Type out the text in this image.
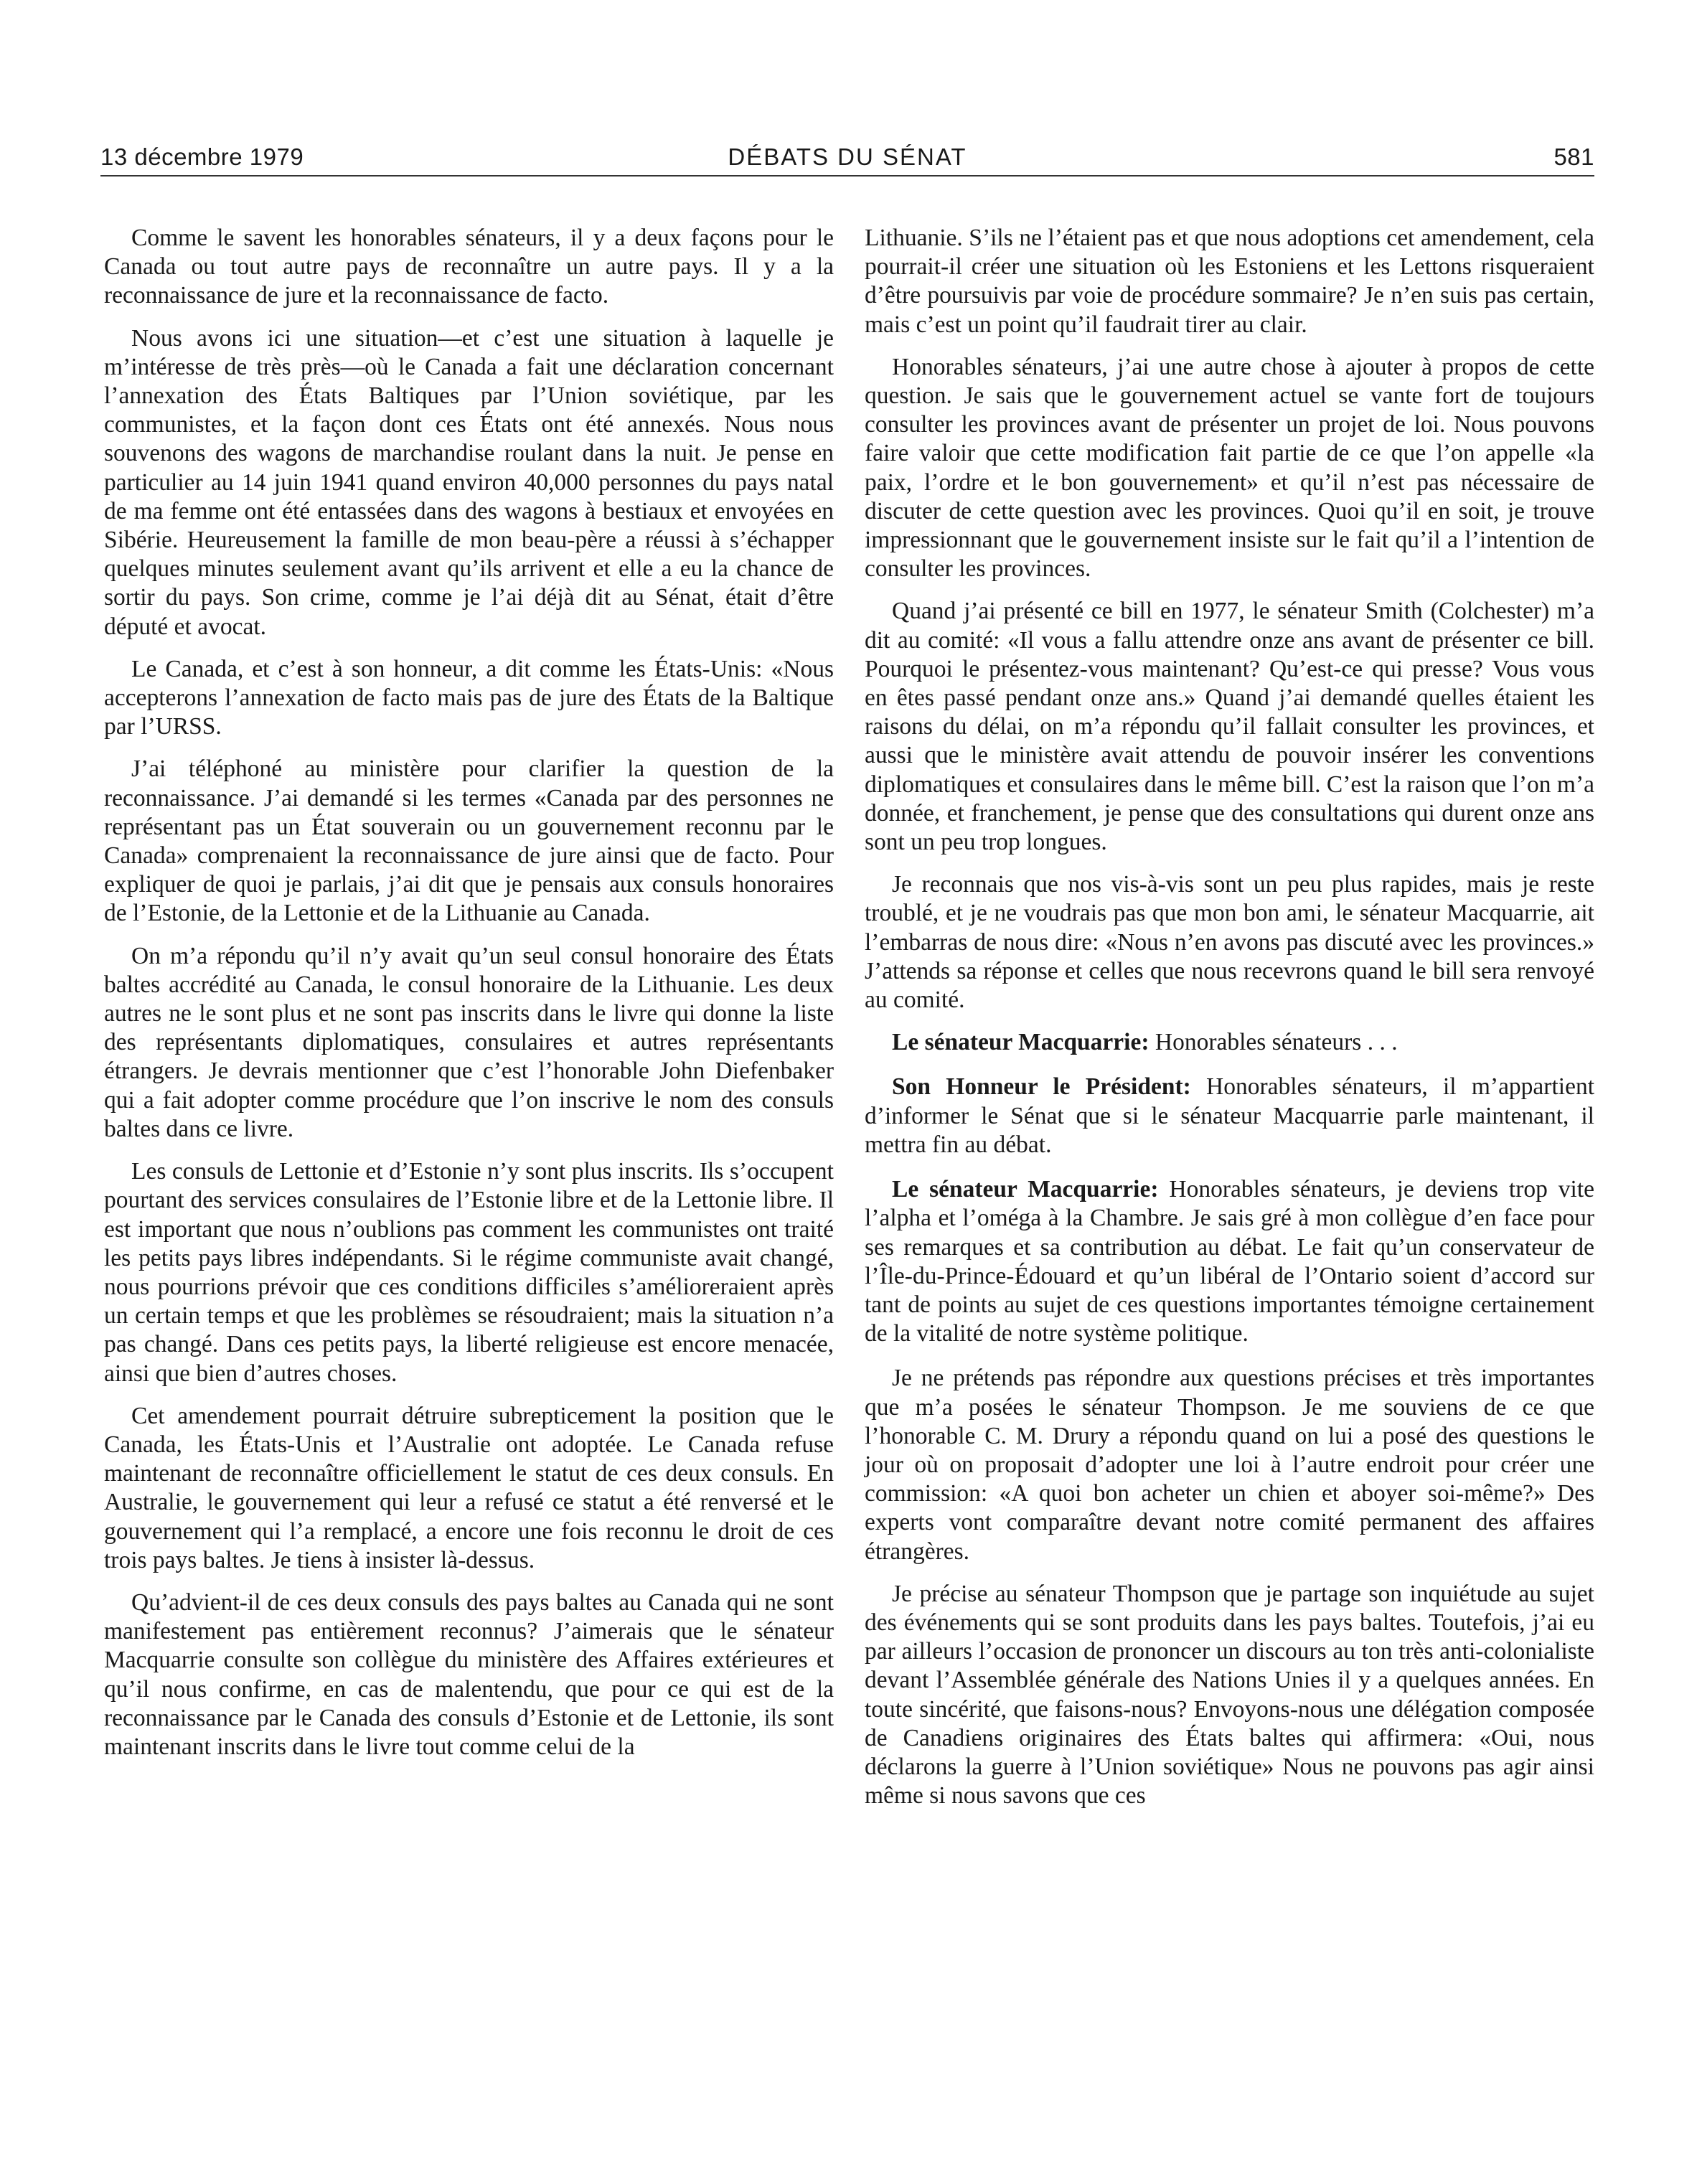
13 décembre 1979	DÉBATS DU SÉNAT	581

Comme le savent les honorables sénateurs, il y a deux façons pour le Canada ou tout autre pays de reconnaître un autre pays. Il y a la reconnaissance de jure et la reconnaissance de facto.

Nous avons ici une situation—et c’est une situation à laquelle je m’intéresse de très près—où le Canada a fait une déclaration concernant l’annexation des États Baltiques par l’Union soviétique, par les communistes, et la façon dont ces États ont été annexés. Nous nous souvenons des wagons de marchandise roulant dans la nuit. Je pense en particulier au 14 juin 1941 quand environ 40,000 personnes du pays natal de ma femme ont été entassées dans des wagons à bestiaux et envoyées en Sibérie. Heureusement la famille de mon beau-père a réussi à s’échapper quelques minutes seulement avant qu’ils arrivent et elle a eu la chance de sortir du pays. Son crime, comme je l’ai déjà dit au Sénat, était d’être député et avocat.

Le Canada, et c’est à son honneur, a dit comme les États-Unis: «Nous accepterons l’annexation de facto mais pas de jure des États de la Baltique par l’URSS.

J’ai téléphoné au ministère pour clarifier la question de la reconnaissance. J’ai demandé si les termes «Canada par des personnes ne représentant pas un État souverain ou un gouvernement reconnu par le Canada» comprenaient la reconnaissance de jure ainsi que de facto. Pour expliquer de quoi je parlais, j’ai dit que je pensais aux consuls honoraires de l’Estonie, de la Lettonie et de la Lithuanie au Canada.

On m’a répondu qu’il n’y avait qu’un seul consul honoraire des États baltes accrédité au Canada, le consul honoraire de la Lithuanie. Les deux autres ne le sont plus et ne sont pas inscrits dans le livre qui donne la liste des représentants diplomatiques, consulaires et autres représentants étrangers. Je devrais mentionner que c’est l’honorable John Diefenbaker qui a fait adopter comme procédure que l’on inscrive le nom des consuls baltes dans ce livre.

Les consuls de Lettonie et d’Estonie n’y sont plus inscrits. Ils s’occupent pourtant des services consulaires de l’Estonie libre et de la Lettonie libre. Il est important que nous n’oublions pas comment les communistes ont traité les petits pays libres indépendants. Si le régime communiste avait changé, nous pourrions prévoir que ces conditions difficiles s’amélioreraient après un certain temps et que les problèmes se résoudraient; mais la situation n’a pas changé. Dans ces petits pays, la liberté religieuse est encore menacée, ainsi que bien d’autres choses.

Cet amendement pourrait détruire subrepticement la position que le Canada, les États-Unis et l’Australie ont adoptée. Le Canada refuse maintenant de reconnaître officiellement le statut de ces deux consuls. En Australie, le gouvernement qui leur a refusé ce statut a été renversé et le gouvernement qui l’a remplacé, a encore une fois reconnu le droit de ces trois pays baltes. Je tiens à insister là-dessus.

Qu’advient-il de ces deux consuls des pays baltes au Canada qui ne sont manifestement pas entièrement reconnus? J’aimerais que le sénateur Macquarrie consulte son collègue du ministère des Affaires extérieures et qu’il nous confirme, en cas de malentendu, que pour ce qui est de la reconnaissance par le Canada des consuls d’Estonie et de Lettonie, ils sont maintenant inscrits dans le livre tout comme celui de la

Lithuanie. S’ils ne l’étaient pas et que nous adoptions cet amendement, cela pourrait-il créer une situation où les Estoniens et les Lettons risqueraient d’être poursuivis par voie de procédure sommaire? Je n’en suis pas certain, mais c’est un point qu’il faudrait tirer au clair.

Honorables sénateurs, j’ai une autre chose à ajouter à propos de cette question. Je sais que le gouvernement actuel se vante fort de toujours consulter les provinces avant de présenter un projet de loi. Nous pouvons faire valoir que cette modification fait partie de ce que l’on appelle «la paix, l’ordre et le bon gouvernement» et qu’il n’est pas nécessaire de discuter de cette question avec les provinces. Quoi qu’il en soit, je trouve impressionnant que le gouvernement insiste sur le fait qu’il a l’intention de consulter les provinces.

Quand j’ai présenté ce bill en 1977, le sénateur Smith (Colchester) m’a dit au comité: «Il vous a fallu attendre onze ans avant de présenter ce bill. Pourquoi le présentez-vous maintenant? Qu’est-ce qui presse? Vous vous en êtes passé pendant onze ans.» Quand j’ai demandé quelles étaient les raisons du délai, on m’a répondu qu’il fallait consulter les provinces, et aussi que le ministère avait attendu de pouvoir insérer les conventions diplomatiques et consulaires dans le même bill. C’est la raison que l’on m’a donnée, et franchement, je pense que des consultations qui durent onze ans sont un peu trop longues.

Je reconnais que nos vis-à-vis sont un peu plus rapides, mais je reste troublé, et je ne voudrais pas que mon bon ami, le sénateur Macquarrie, ait l’embarras de nous dire: «Nous n’en avons pas discuté avec les provinces.» J’attends sa réponse et celles que nous recevrons quand le bill sera renvoyé au comité.

Le sénateur Macquarrie: Honorables sénateurs . . .

Son Honneur le Président: Honorables sénateurs, il m’appartient d’informer le Sénat que si le sénateur Macquarrie parle maintenant, il mettra fin au débat.

Le sénateur Macquarrie: Honorables sénateurs, je deviens trop vite l’alpha et l’oméga à la Chambre. Je sais gré à mon collègue d’en face pour ses remarques et sa contribution au débat. Le fait qu’un conservateur de l’Île-du-Prince-Édouard et qu’un libéral de l’Ontario soient d’accord sur tant de points au sujet de ces questions importantes témoigne certainement de la vitalité de notre système politique.

Je ne prétends pas répondre aux questions précises et très importantes que m’a posées le sénateur Thompson. Je me souviens de ce que l’honorable C. M. Drury a répondu quand on lui a posé des questions le jour où on proposait d’adopter une loi à l’autre endroit pour créer une commission: «A quoi bon acheter un chien et aboyer soi-même?» Des experts vont comparaître devant notre comité permanent des affaires étrangères.

Je précise au sénateur Thompson que je partage son inquiétude au sujet des événements qui se sont produits dans les pays baltes. Toutefois, j’ai eu par ailleurs l’occasion de prononcer un discours au ton très anti-colonialiste devant l’Assemblée générale des Nations Unies il y a quelques années. En toute sincérité, que faisons-nous? Envoyons-nous une délégation composée de Canadiens originaires des États baltes qui affirmera: «Oui, nous déclarons la guerre à l’Union soviétique» Nous ne pouvons pas agir ainsi même si nous savons que ces
